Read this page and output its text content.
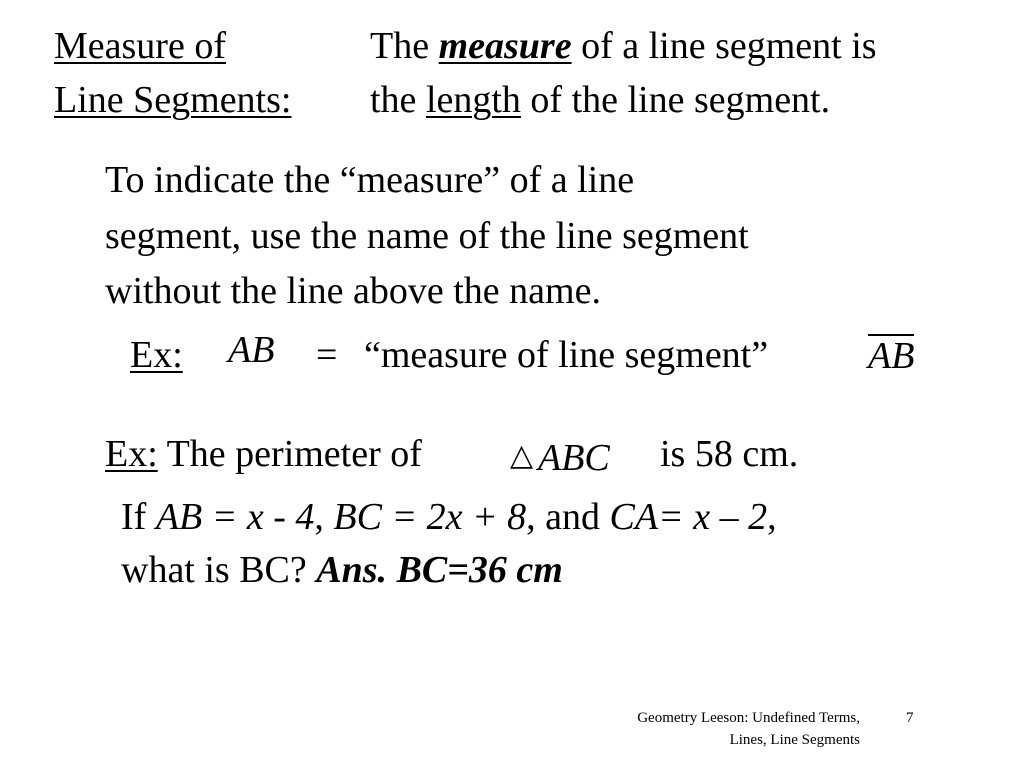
Measure of
Line Segments:
The measure of a line segment is
the length of the line segment.
To indicate the “measure” of a line
segment, use the name of the line segment
without the line above the name.
Ex: AB = “measure of line segment”	AB
Ex: The perimeter of	△ ABC is 58 cm.
If AB = x - 4, BC = 2x + 8, and CA= x – 2,
what is BC? Ans. BC=36 cm
Geometry Leeson: Undefined Terms,
Lines, Line Segments
7
